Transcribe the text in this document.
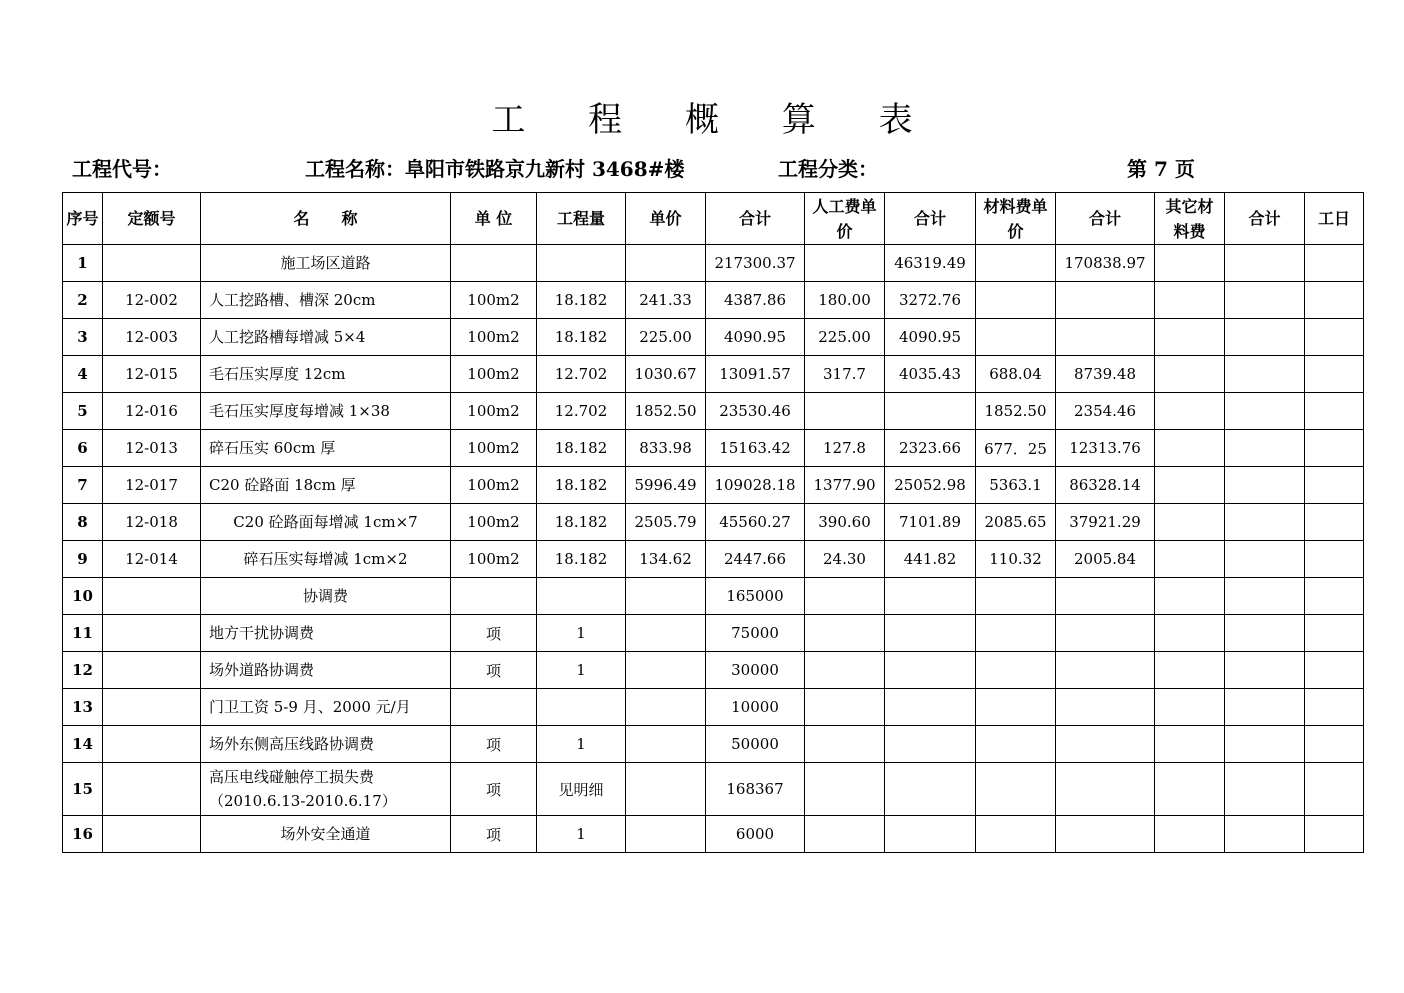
工 程 概 算 表
工程代号：	工程名称：阜阳市铁路京九新村 3468#楼	工程分类：	第 7 页
序号	定额号	名　　称	单 位	工程量	单价	合计	人工费单价	合计	材料费单价	合计	其它材料费	合计	工日
1		施工场区道路				217300.37		46319.49		170838.97			
2	12-002	人工挖路槽、槽深 20cm	100m2	18.182	241.33	4387.86	180.00	3272.76					
3	12-003	人工挖路槽每增减 5×4	100m2	18.182	225.00	4090.95	225.00	4090.95					
4	12-015	毛石压实厚度 12cm	100m2	12.702	1030.67	13091.57	317.7	4035.43	688.04	8739.48			
5	12-016	毛石压实厚度每增减 1×38	100m2	12.702	1852.50	23530.46			1852.50	2354.46			
6	12-013	碎石压实 60cm 厚	100m2	18.182	833.98	15163.42	127.8	2323.66	677．25	12313.76			
7	12-017	C20 砼路面 18cm 厚	100m2	18.182	5996.49	109028.18	1377.90	25052.98	5363.1	86328.14			
8	12-018	C20 砼路面每增减 1cm×7	100m2	18.182	2505.79	45560.27	390.60	7101.89	2085.65	37921.29			
9	12-014	碎石压实每增减 1cm×2	100m2	18.182	134.62	2447.66	24.30	441.82	110.32	2005.84			
10		协调费				165000							
11		地方干扰协调费	项	1		75000							
12		场外道路协调费	项	1		30000							
13		门卫工资 5-9 月、2000 元/月				10000							
14		场外东侧高压线路协调费	项	1		50000							
15		高压电线碰触停工损失费（2010.6.13-2010.6.17）	项	见明细		168367							
16		场外安全通道	项	1		6000							
